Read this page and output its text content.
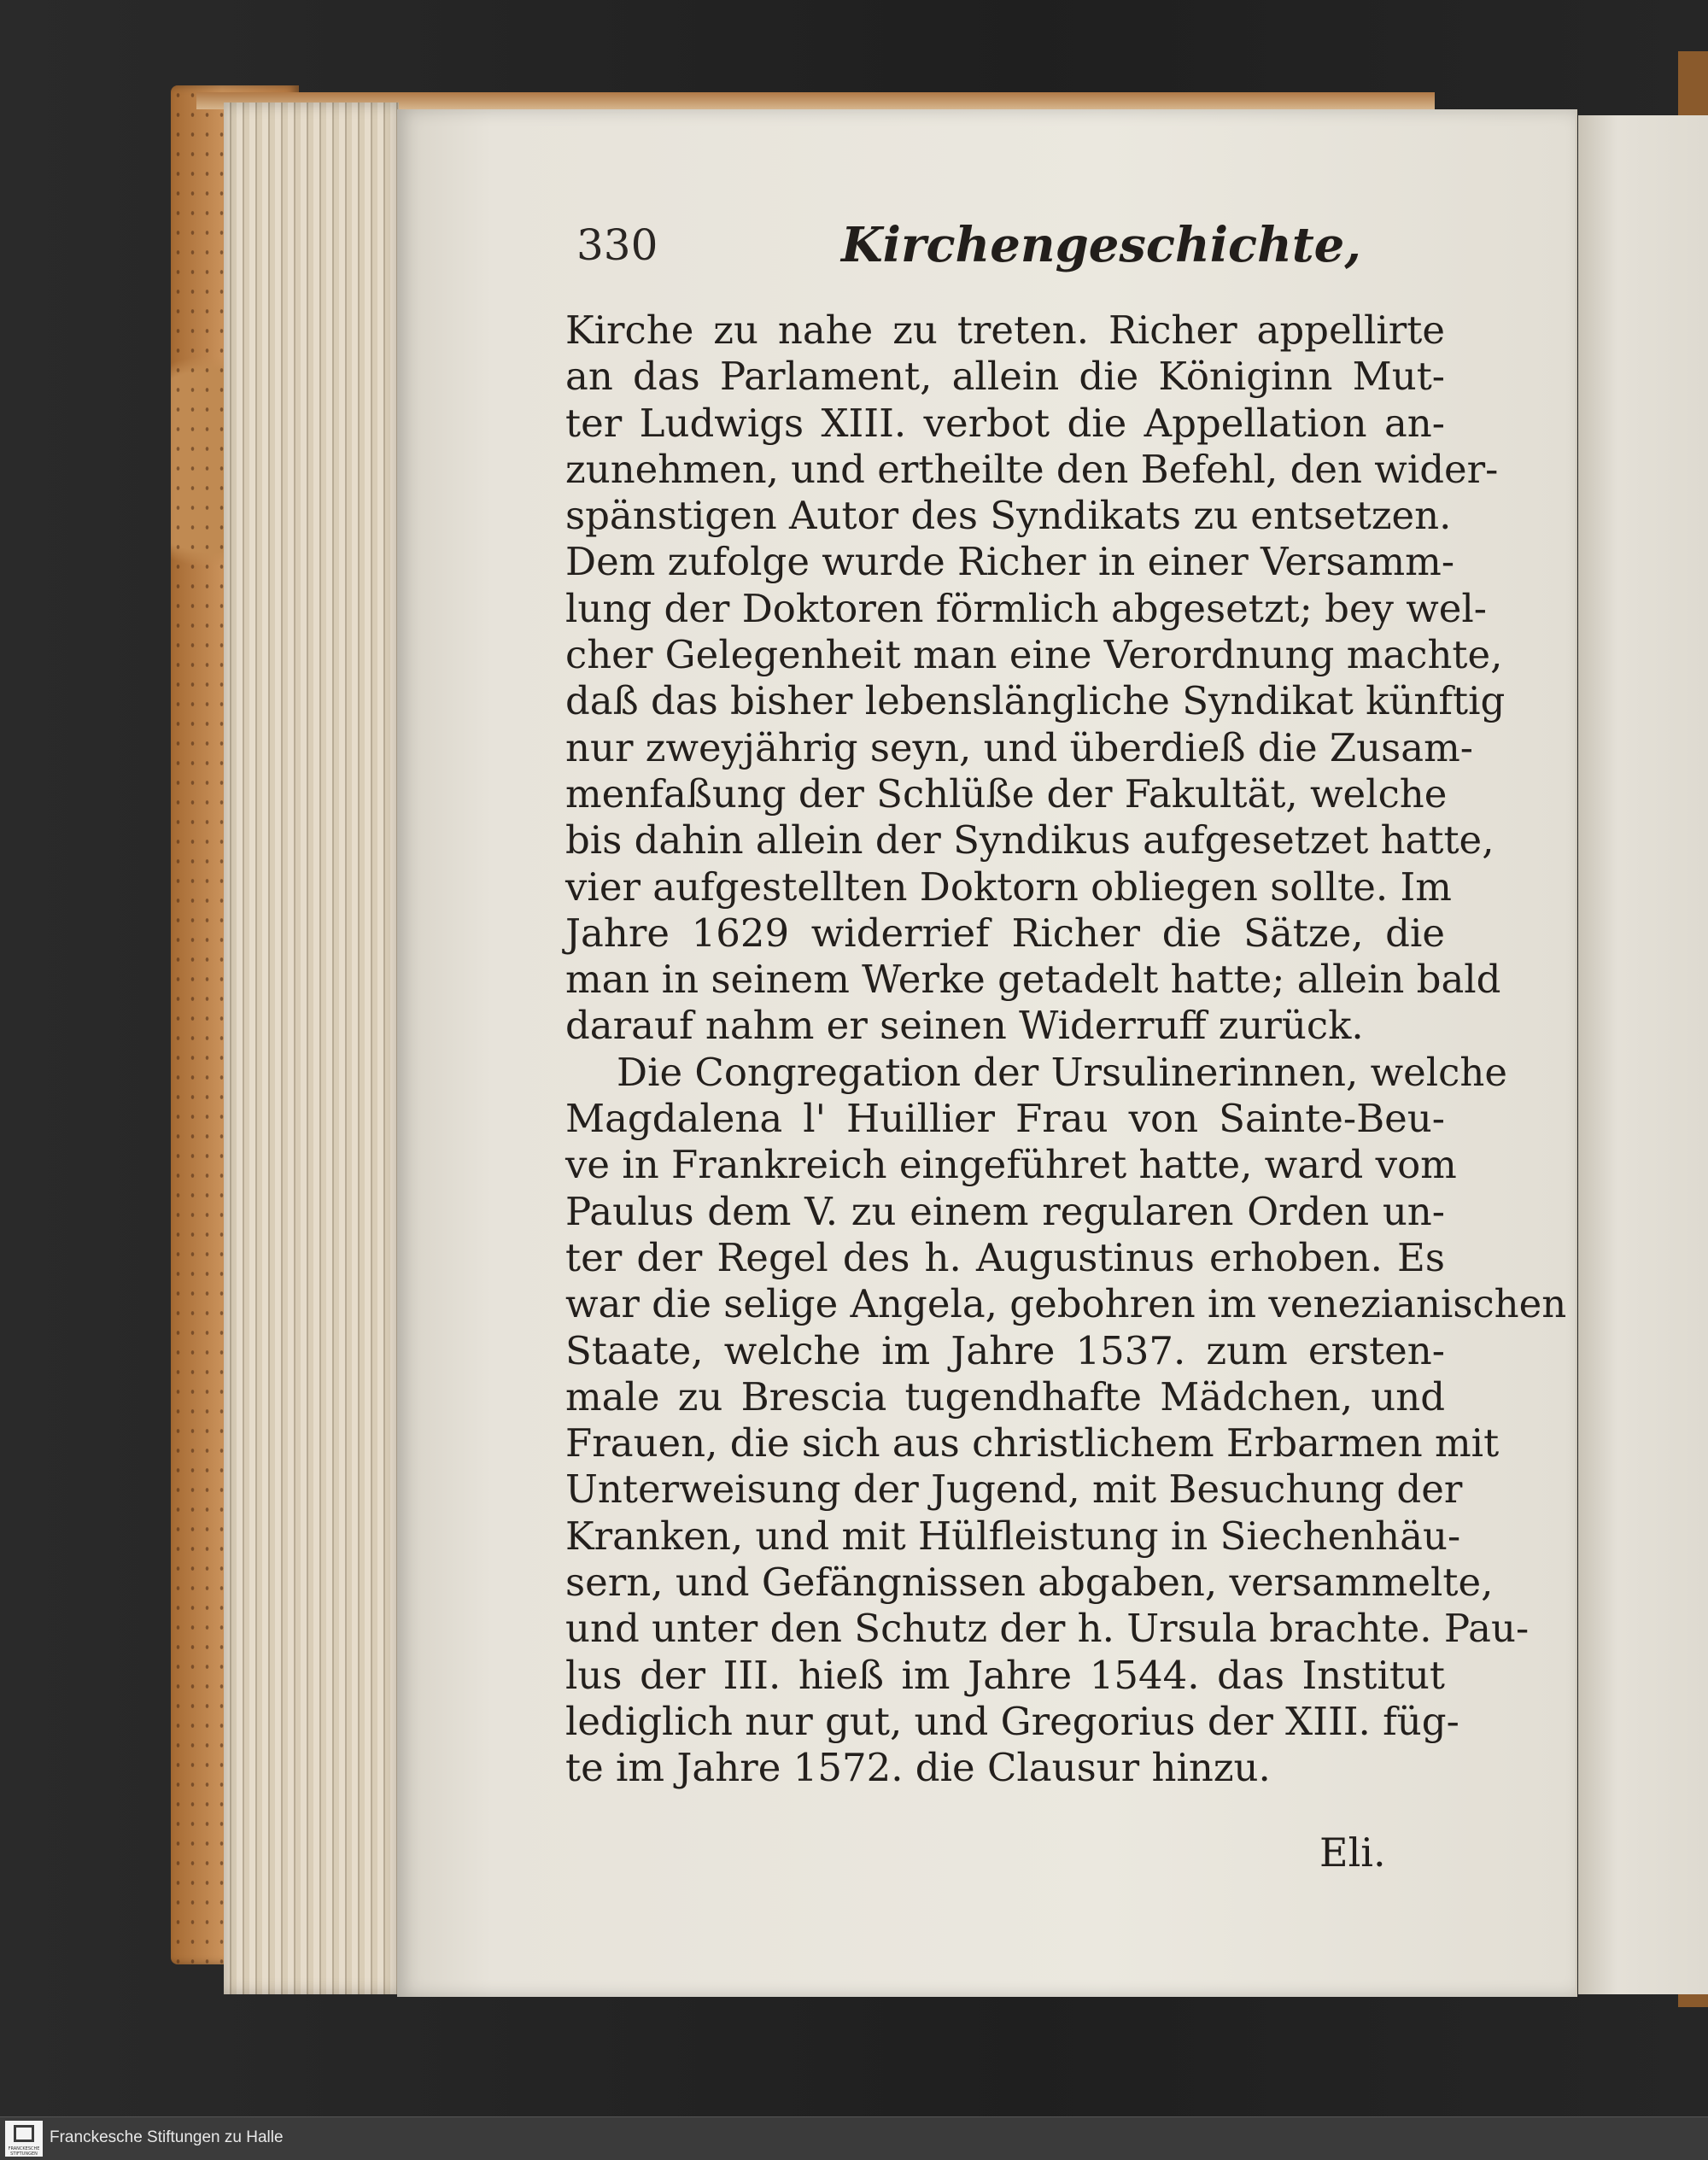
330	Kirchengeschichte,
Kirche zu nahe zu treten. Richer appellirte
an das Parlament, allein die Königinn Mut-
ter Ludwigs XIII. verbot die Appellation an-
zunehmen, und ertheilte den Befehl, den wider-
spänstigen Autor des Syndikats zu entsetzen.
Dem zufolge wurde Richer in einer Versamm-
lung der Doktoren förmlich abgesetzt; bey wel-
cher Gelegenheit man eine Verordnung machte,
daß das bisher lebenslängliche Syndikat künftig
nur zweyjährig seyn, und überdieß die Zusam-
menfaßung der Schlüße der Fakultät, welche
bis dahin allein der Syndikus aufgesetzet hatte,
vier aufgestellten Doktorn obliegen sollte. Im
Jahre 1629 widerrief Richer die Sätze, die
man in seinem Werke getadelt hatte; allein bald
darauf nahm er seinen Widerruff zurück.
Die Congregation der Ursulinerinnen, welche
Magdalena l' Huillier Frau von Sainte-Beu-
ve in Frankreich eingeführet hatte, ward vom
Paulus dem V. zu einem regularen Orden un-
ter der Regel des h. Augustinus erhoben. Es
war die selige Angela, gebohren im venezianischen
Staate, welche im Jahre 1537. zum ersten-
male zu Brescia tugendhafte Mädchen, und
Frauen, die sich aus christlichem Erbarmen mit
Unterweisung der Jugend, mit Besuchung der
Kranken, und mit Hülfleistung in Siechenhäu-
sern, und Gefängnissen abgaben, versammelte,
und unter den Schutz der h. Ursula brachte. Pau-
lus der III. hieß im Jahre 1544. das Institut
lediglich nur gut, und Gregorius der XIII. füg-
te im Jahre 1572. die Clausur hinzu.
Eli.
FRANCKESCHE STIFTUNGEN
Franckesche Stiftungen zu Halle
